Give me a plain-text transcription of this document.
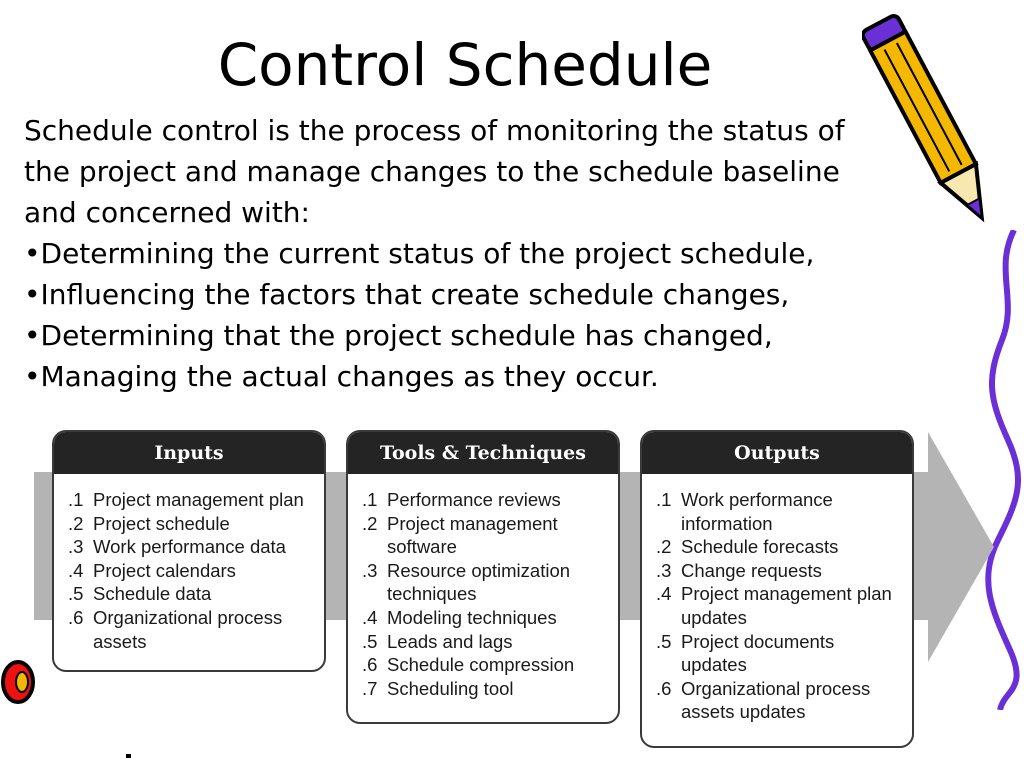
Control Schedule
Schedule control is the process of monitoring the status of
the project and manage changes to the schedule baseline
and concerned with:
•Determining the current status of the project schedule,
•Influencing the factors that create schedule changes,
•Determining that the project schedule has changed,
•Managing the actual changes as they occur.
Inputs
.1 Project management plan
.2 Project schedule
.3 Work performance data
.4 Project calendars
.5 Schedule data
.6 Organizational process
assets
Tools & Techniques
.1 Performance reviews
.2 Project management
software
.3 Resource optimization
techniques
.4 Modeling techniques
.5 Leads and lags
.6 Schedule compression
.7 Scheduling tool
Outputs
.1 Work performance
information
.2 Schedule forecasts
.3 Change requests
.4 Project management plan
updates
.5 Project documents
updates
.6 Organizational process
assets updates
